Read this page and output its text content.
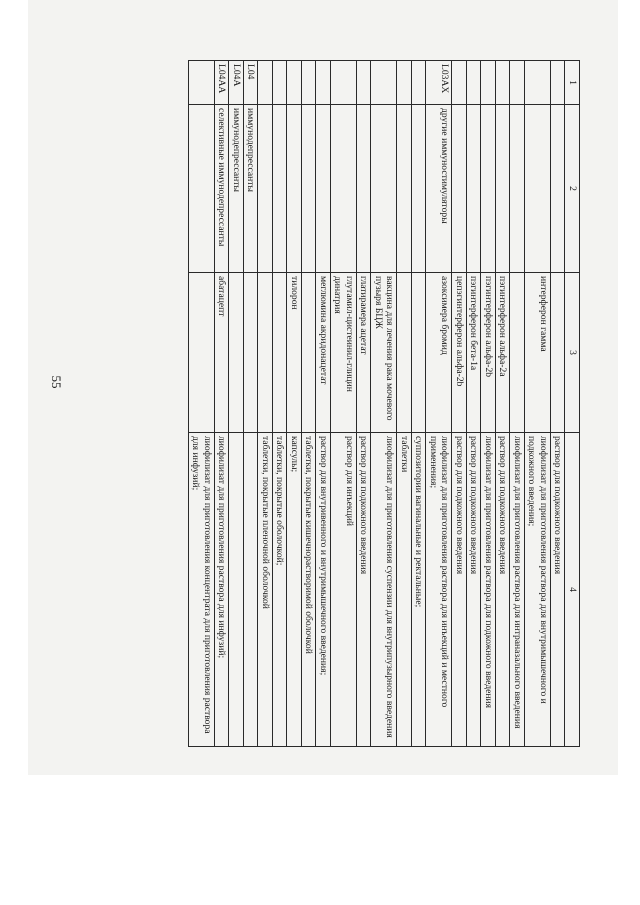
55
1	2	3	4
			раствор для подкожного введения
		интерферон гамма	лиофилизат для приготовления раствора для внутримышечного и подкожного введения;
			лиофилизат для приготовления раствора для интраназального введения
		пэгинтерферон альфа-2a	раствор для подкожного введения
		пэгинтерферон альфа-2b	лиофилизат для приготовления раствора для подкожного введения
		пэгинтерферон бета-1a	раствор для подкожного введения
		цепэгинтерферон альфа-2b	раствор для подкожного введения
L03AX	другие иммуностимуляторы	азоксимера бромид	лиофилизат для приготовления раствора для инъекций и местного применения;
			суппозитории вагинальные и ректальные;
			таблетки
		вакцина для лечения рака мочевого пузыря БЦЖ	лиофилизат для приготовления суспензии для внутрипузырного введения
		глатирамера ацетат	раствор для подкожного введения
		глутамил-цистеинил-глицин динатрия	раствор для инъекций
		меглюмина акридонацетат	раствор для внутривенного и внутримышечного введения;
			таблетки, покрытые кишечнорастворимой оболочкой
		тилорон	капсулы;
			таблетки, покрытые оболочкой;
			таблетки, покрытые пленочной оболочкой
L04	иммунодепрессанты		
L04A	иммунодепрессанты		
L04AA	селективные иммунодепрессанты	абатацепт	лиофилизат для приготовления раствора для инфузий;
			лиофилизат для приготовления концентрата для приготовления раствора для инфузий;
